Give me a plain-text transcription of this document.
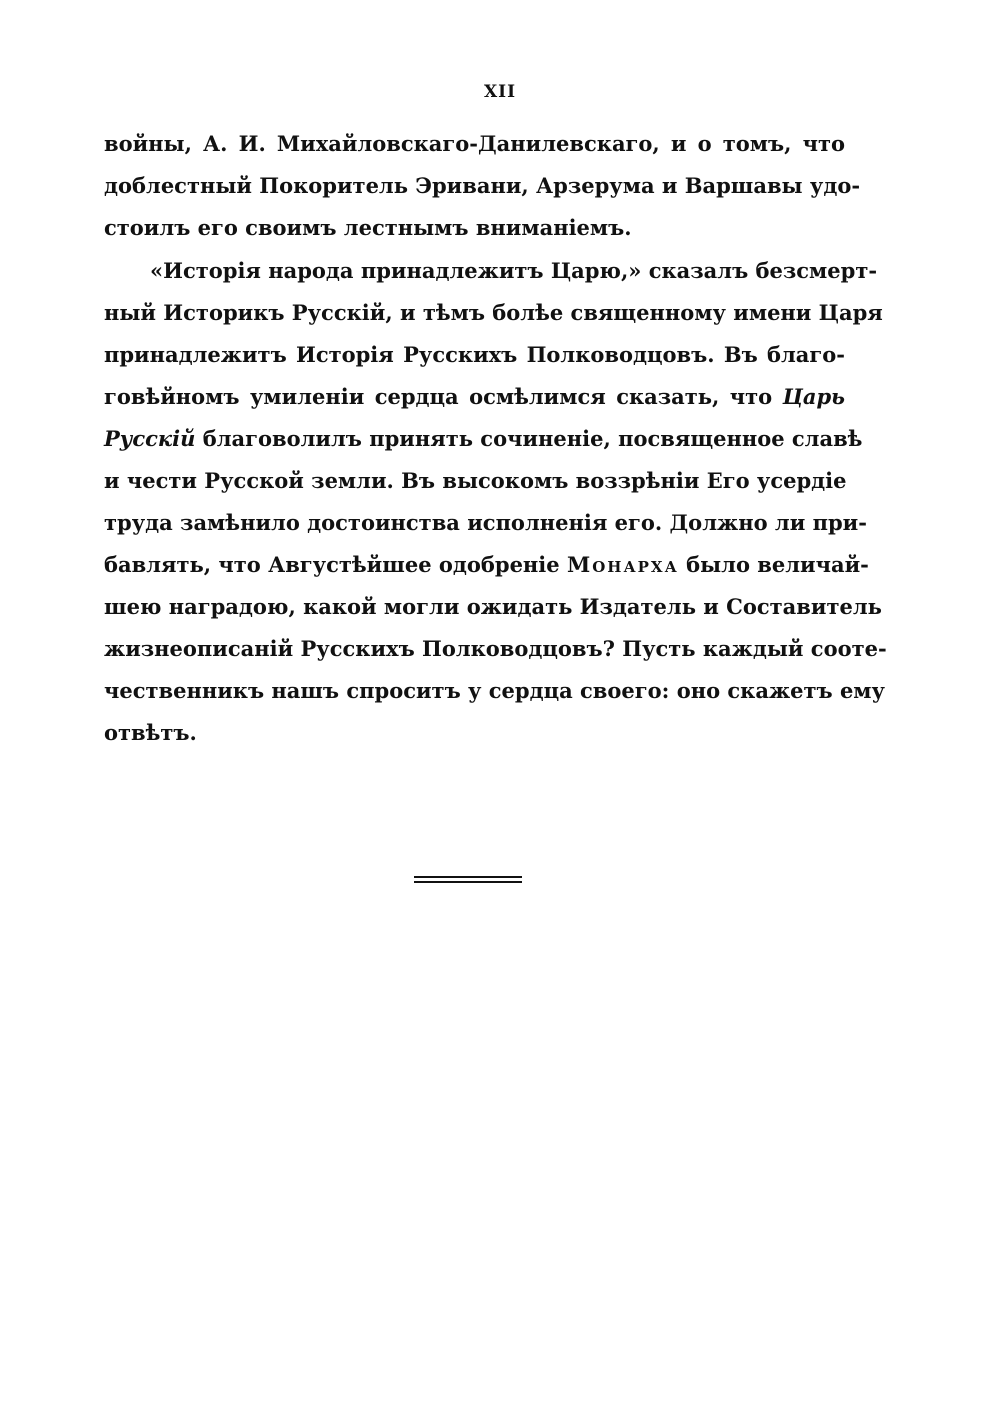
XII
войны, А. И. Михайловскаго-Данилевскаго, и о томъ, что
доблестный Покоритель Эривани, Арзерума и Варшавы удо-
стоилъ его своимъ лестнымъ вниманіемъ.
«Исторія народа принадлежитъ Царю,» сказалъ безсмерт-
ный Историкъ Русскій, и тѣмъ болѣе священному имени Царя
принадлежитъ Исторія Русскихъ Полководцовъ. Въ благо-
говѣйномъ умиленіи сердца осмѣлимся сказать, что Царь
Русскій благоволилъ принять сочиненіе, посвященное славѣ
и чести Русской земли. Въ высокомъ воззрѣніи Его усердіе
труда замѣнило достоинства исполненія его. Должно ли при-
бавлять, что Августѣйшее одобреніе Монарха было величай-
шею наградою, какой могли ожидать Издатель и Составитель
жизнеописаній Русскихъ Полководцовъ? Пусть каждый соотe-
чественникъ нашъ спроситъ у сердца своего: оно скажетъ ему
отвѣтъ.
